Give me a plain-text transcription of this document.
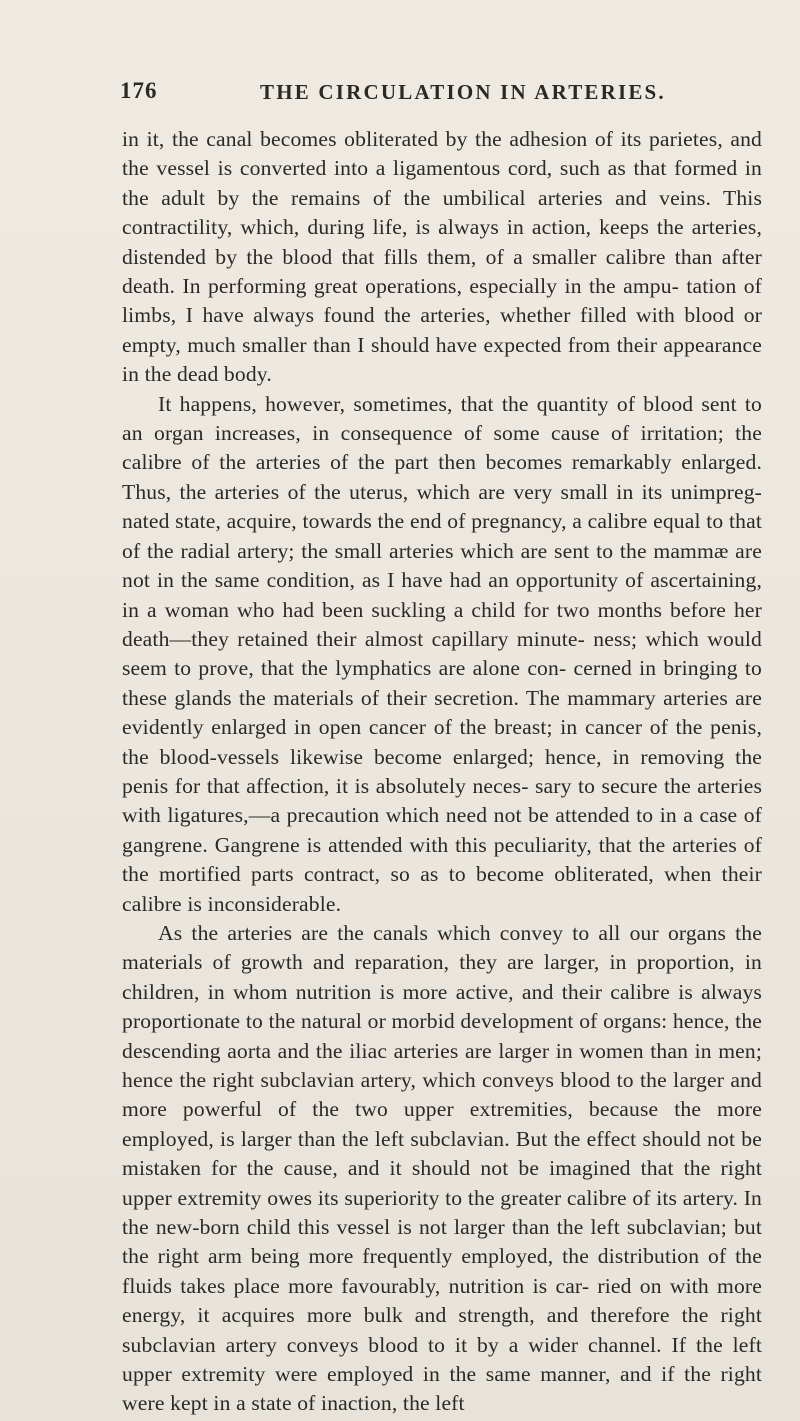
176	THE CIRCULATION IN ARTERIES.

in it, the canal becomes obliterated by the adhesion of its parietes, and the vessel is converted into a ligamentous cord, such as that formed in the adult by the remains of the umbilical arteries and veins. This contractility, which, during life, is always in action, keeps the arteries, distended by the blood that fills them, of a smaller calibre than after death. In performing great operations, especially in the ampu- tation of limbs, I have always found the arteries, whether filled with blood or empty, much smaller than I should have expected from their appearance in the dead body.

It happens, however, sometimes, that the quantity of blood sent to an organ increases, in consequence of some cause of irritation; the calibre of the arteries of the part then becomes remarkably enlarged. Thus, the arteries of the uterus, which are very small in its unimpreg- nated state, acquire, towards the end of pregnancy, a calibre equal to that of the radial artery; the small arteries which are sent to the mammæ are not in the same condition, as I have had an opportunity of ascertaining, in a woman who had been suckling a child for two months before her death—they retained their almost capillary minute- ness; which would seem to prove, that the lymphatics are alone con- cerned in bringing to these glands the materials of their secretion. The mammary arteries are evidently enlarged in open cancer of the breast; in cancer of the penis, the blood-vessels likewise become enlarged; hence, in removing the penis for that affection, it is absolutely neces- sary to secure the arteries with ligatures,—a precaution which need not be attended to in a case of gangrene. Gangrene is attended with this peculiarity, that the arteries of the mortified parts contract, so as to become obliterated, when their calibre is inconsiderable.

As the arteries are the canals which convey to all our organs the materials of growth and reparation, they are larger, in proportion, in children, in whom nutrition is more active, and their calibre is always proportionate to the natural or morbid development of organs: hence, the descending aorta and the iliac arteries are larger in women than in men; hence the right subclavian artery, which conveys blood to the larger and more powerful of the two upper extremities, because the more employed, is larger than the left subclavian. But the effect should not be mistaken for the cause, and it should not be imagined that the right upper extremity owes its superiority to the greater calibre of its artery. In the new-born child this vessel is not larger than the left subclavian; but the right arm being more frequently employed, the distribution of the fluids takes place more favourably, nutrition is car- ried on with more energy, it acquires more bulk and strength, and therefore the right subclavian artery conveys blood to it by a wider channel. If the left upper extremity were employed in the same manner, and if the right were kept in a state of inaction, the left
